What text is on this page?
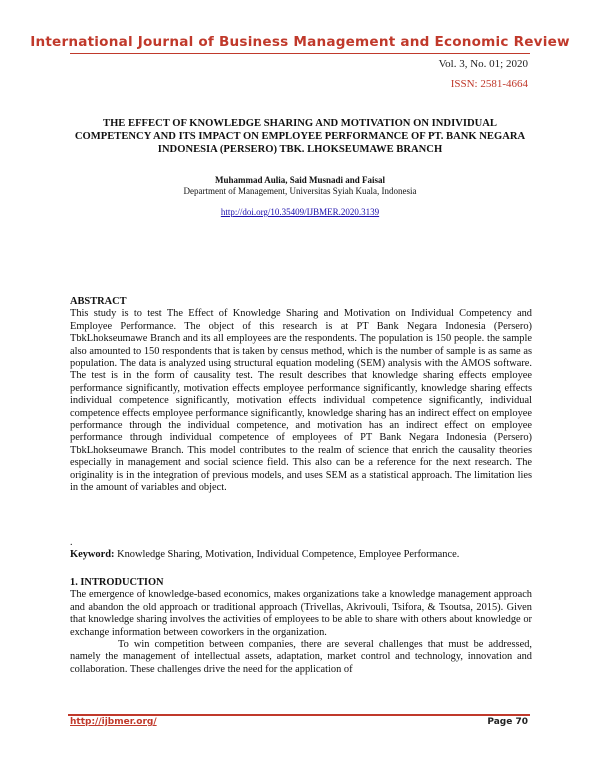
International Journal of Business Management and Economic Review
Vol. 3, No. 01; 2020
ISSN: 2581-4664
THE EFFECT OF KNOWLEDGE SHARING AND MOTIVATION ON INDIVIDUAL COMPETENCY AND ITS IMPACT ON EMPLOYEE PERFORMANCE OF PT. BANK NEGARA INDONESIA (PERSERO) TBK. LHOKSEUMAWE BRANCH
Muhammad Aulia, Said Musnadi and Faisal
Department of Management, Universitas Syiah Kuala, Indonesia
http://doi.org/10.35409/IJBMER.2020.3139

ABSTRACT

This study is to test The Effect of Knowledge Sharing and Motivation on Individual Competency and Employee Performance. The object of this research is at PT Bank Negara Indonesia (Persero) TbkLhokseumawe Branch and its all employees are the respondents. The population is 150 people. the sample also amounted to 150 respondents that is taken by census method, which is the number of sample is as same as population. The data is analyzed using structural equation modeling (SEM) analysis with the AMOS software. The test is in the form of causality test. The result describes that knowledge sharing effects employee performance significantly, motivation effects employee performance significantly, knowledge sharing effects individual competence significantly, motivation effects individual competence significantly, individual competence effects employee performance significantly, knowledge sharing has an indirect effect on employee performance through the individual competence, and motivation has an indirect effect on employee performance through individual competence of employees of PT Bank Negara Indonesia (Persero) TbkLhokseumawe Branch. This model contributes to the realm of science that enrich the causality theories especially in management and social science field. This also can be a reference for the next research. The originality is in the integration of previous models, and uses SEM as a statistical approach. The limitation lies in the amount of variables and object.

.

Keyword: Knowledge Sharing, Motivation, Individual Competence, Employee Performance.

1. INTRODUCTION

The emergence of knowledge-based economics, makes organizations take a knowledge management approach and abandon the old approach or traditional approach (Trivellas, Akrivouli, Tsifora, & Tsoutsa, 2015). Given that knowledge sharing involves the activities of employees to be able to share with others about knowledge or exchange information between coworkers in the organization.

To win competition between companies, there are several challenges that must be addressed, namely the management of intellectual assets, adaptation, market control and technology, innovation and collaboration. These challenges drive the need for the application of

http://ijbmer.org/	Page 70
